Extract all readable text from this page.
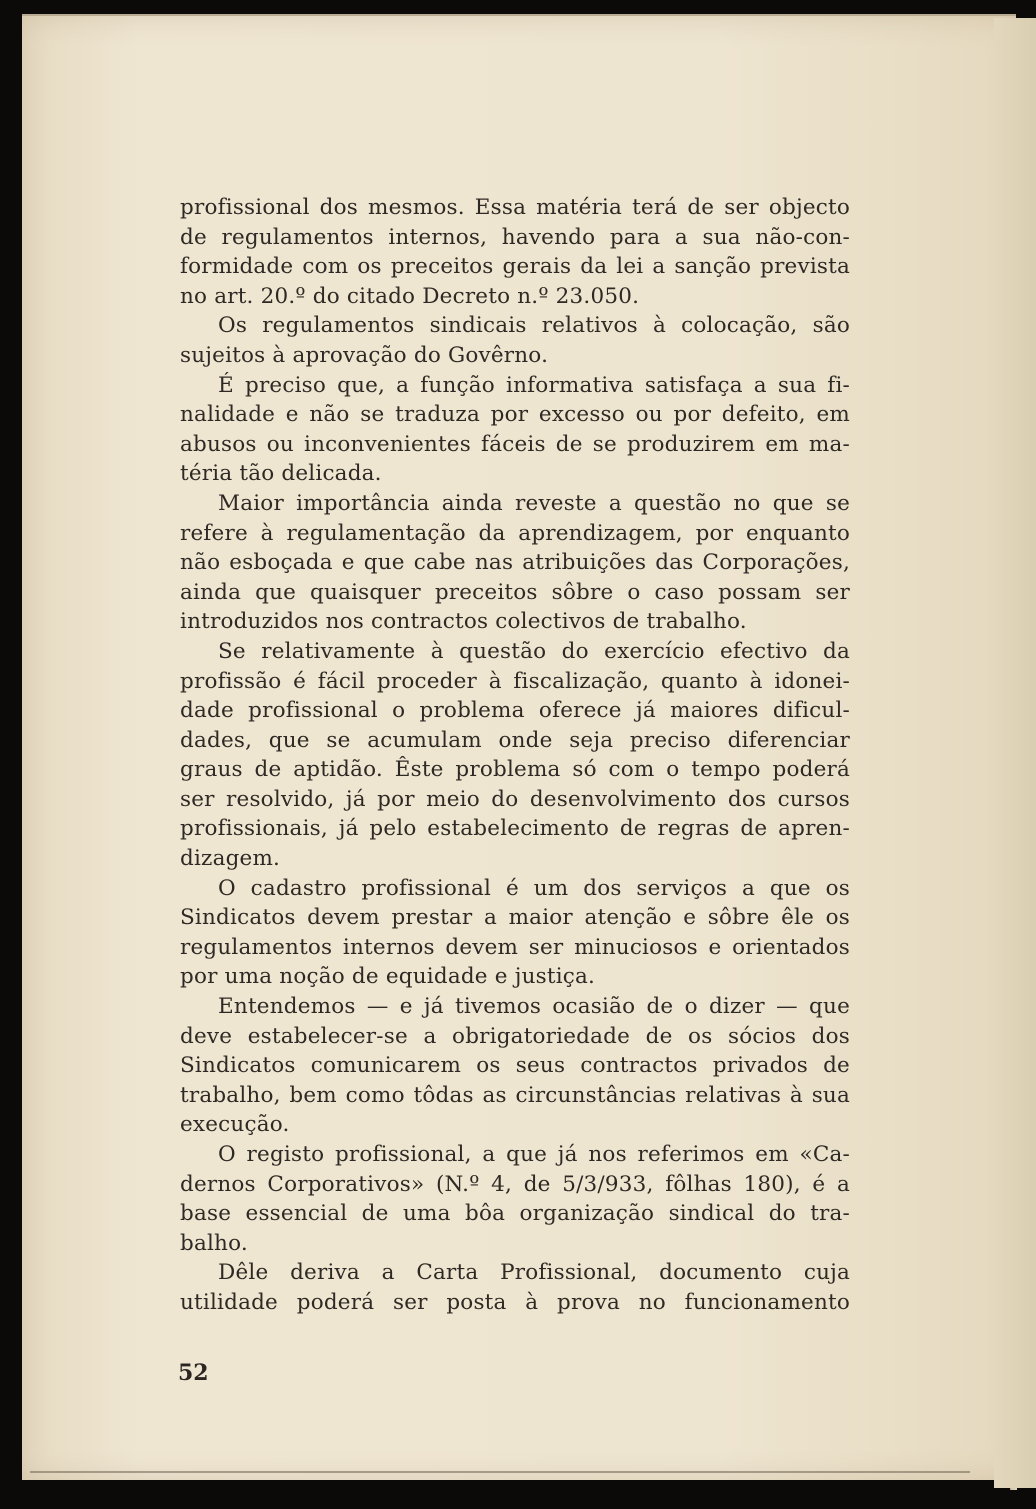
profissional dos mesmos. Essa matéria terá de ser objecto
de regulamentos internos, havendo para a sua não-con-
formidade com os preceitos gerais da lei a sanção prevista
no art. 20.º do citado Decreto n.º 23.050.
Os regulamentos sindicais relativos à colocação, são
sujeitos à aprovação do Govêrno.
É preciso que, a função informativa satisfaça a sua fi-
nalidade e não se traduza por excesso ou por defeito, em
abusos ou inconvenientes fáceis de se produzirem em ma-
téria tão delicada.
Maior importância ainda reveste a questão no que se
refere à regulamentação da aprendizagem, por enquanto
não esboçada e que cabe nas atribuições das Corporações,
ainda que quaisquer preceitos sôbre o caso possam ser
introduzidos nos contractos colectivos de trabalho.
Se relativamente à questão do exercício efectivo da
profissão é fácil proceder à fiscalização, quanto à idonei-
dade profissional o problema oferece já maiores dificul-
dades, que se acumulam onde seja preciso diferenciar
graus de aptidão. Êste problema só com o tempo poderá
ser resolvido, já por meio do desenvolvimento dos cursos
profissionais, já pelo estabelecimento de regras de apren-
dizagem.
O cadastro profissional é um dos serviços a que os
Sindicatos devem prestar a maior atenção e sôbre êle os
regulamentos internos devem ser minuciosos e orientados
por uma noção de equidade e justiça.
Entendemos — e já tivemos ocasião de o dizer — que
deve estabelecer-se a obrigatoriedade de os sócios dos
Sindicatos comunicarem os seus contractos privados de
trabalho, bem como tôdas as circunstâncias relativas à sua
execução.
O registo profissional, a que já nos referimos em «Ca-
dernos Corporativos» (N.º 4, de 5/3/933, fôlhas 180), é a
base essencial de uma bôa organização sindical do tra-
balho.
Dêle deriva a Carta Profissional, documento cuja
utilidade poderá ser posta à prova no funcionamento
52
